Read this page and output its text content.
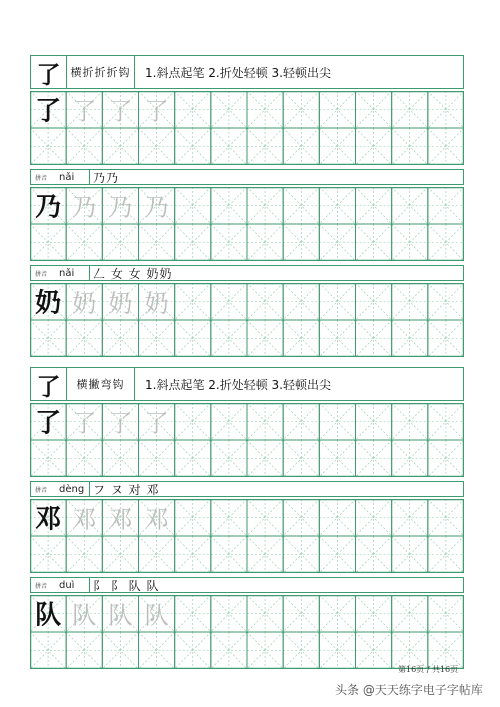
了 横折折折钩	1.斜点起笔 2.折处轻顿 3.轻顿出尖
了 了 了 了
拼音	nǎi	乃乃
乃 乃 乃 乃
拼音	nǎi	𠃋 女 女 奶奶
奶 奶 奶 奶
了	横撇弯钩	1.斜点起笔 2.折处轻顿 3.轻顿出尖
了 了 了 了
拼音	dèng フ ヌ 对 邓
邓 邓 邓 邓
拼音	duì	阝 阝 队 队
队 队 队 队
第16页 / 共16页
头条 @天天练字电子字帖库
